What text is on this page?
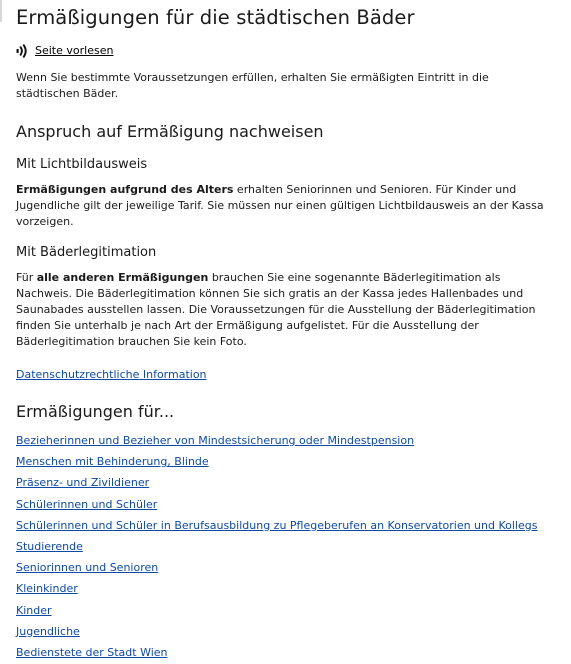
Ermäßigungen für die städtischen Bäder
Seite vorlesen

Wenn Sie bestimmte Voraussetzungen erfüllen, erhalten Sie ermäßigten Eintritt in die städtischen Bäder.

Anspruch auf Ermäßigung nachweisen
Mit Lichtbildausweis

Ermäßigungen aufgrund des Alters erhalten Seniorinnen und Senioren. Für Kinder und Jugendliche gilt der jeweilige Tarif. Sie müssen nur einen gültigen Lichtbildausweis an der Kassa vorzeigen.

Mit Bäderlegitimation

Für alle anderen Ermäßigungen brauchen Sie eine sogenannte Bäderlegitimation als Nachweis. Die Bäderlegitimation können Sie sich gratis an der Kassa jedes Hallenbades und Saunabades ausstellen lassen. Die Voraussetzungen für die Ausstellung der Bäderlegitimation finden Sie unterhalb je nach Art der Ermäßigung aufgelistet. Für die Ausstellung der Bäderlegitimation brauchen Sie kein Foto.

Datenschutzrechtliche Information
Ermäßigungen für...
Bezieherinnen und Bezieher von Mindestsicherung oder Mindestpension
Menschen mit Behinderung, Blinde
Präsenz- und Zivildiener
Schülerinnen und Schüler
Schülerinnen und Schüler in Berufsausbildung zu Pflegeberufen an Konservatorien und Kollegs
Studierende
Seniorinnen und Senioren
Kleinkinder
Kinder
Jugendliche
Bedienstete der Stadt Wien
